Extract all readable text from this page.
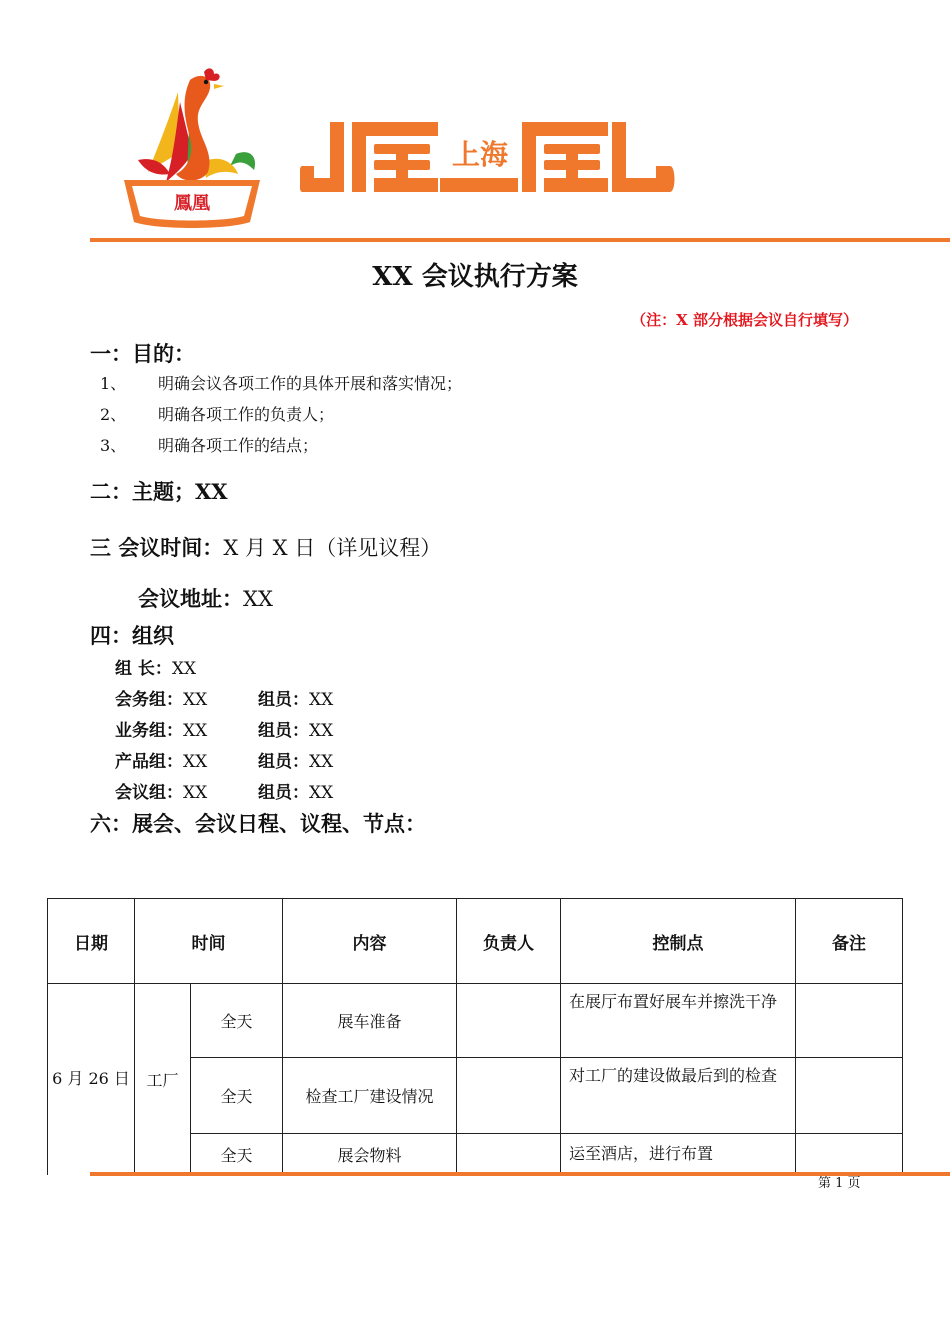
鳳凰
上海
XX 会议执行方案
（注：X 部分根据会议自行填写）
一：目的：
1、 明确会议各项工作的具体开展和落实情况；
2、 明确各项工作的负责人；
3、 明确各项工作的结点；
二：主题；XX
三 会议时间：X 月 X 日（详见议程）
会议地址：XX
四：组织
组 长：XX
会务组：XX	组员：XX
业务组：XX	组员：XX
产品组：XX	组员：XX
会议组：XX	组员：XX
六：展会、会议日程、议程、节点：
日期	时间		内容	负责人	控制点	备注
6 月 26 日	工厂	全天	展车准备		在展厅布置好展车并擦洗干净	
		全天	检查工厂建设情况		对工厂的建设做最后到的检查	
		全天	展会物料		运至酒店，进行布置	
第 1 页
